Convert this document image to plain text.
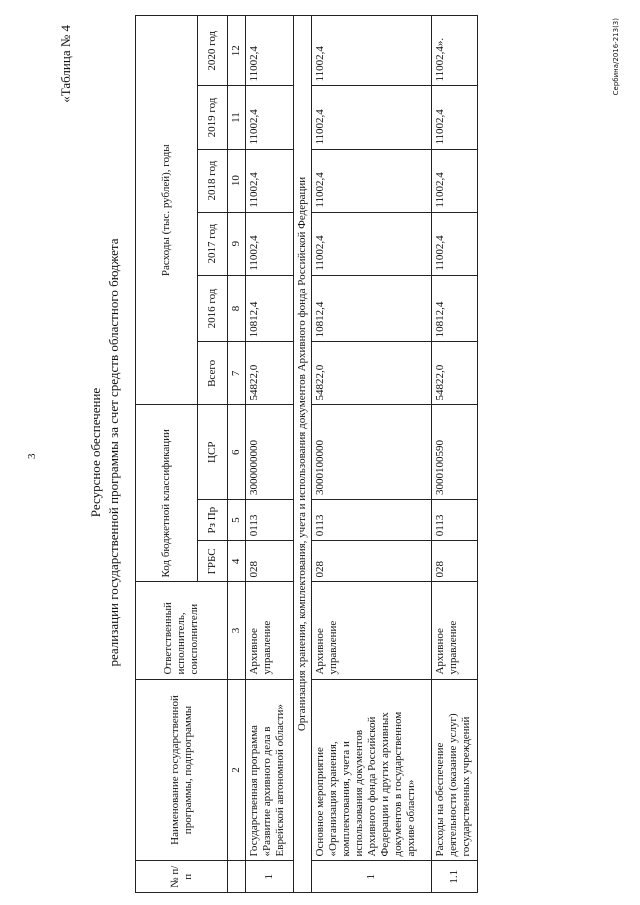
3
«Таблица № 4
Ресурсное обеспечение реализации государственной программы за счет средств областного бюджета
№ п/п	Наименование государственной программы, подпрограммы	Ответственный исполнитель, соисполнители	Код бюджетной классификации			Расходы (тыс. рублей), годы					
			ГРБС	Рз Пр	ЦСР	Всего	2016 год	2017 год	2018 год	2019 год	2020 год
	2	3	4	5	6	7	8	9	10	11	12
1	Государственная программа «Развитие архивного дела в Еврейской автономной области»	Архивное управление	028	0113	3000000000	54822,0	10812,4	11002,4	11002,4	11002,4	11002,4
Организация хранения, комплектования, учета и использования документов Архивного фонда Российской Федерации											
1	Основное мероприятие «Организация хранения, комплектования, учета и использования документов Архивного фонда Российской Федерации и других архивных документов в государственном архиве области»	Архивное управление	028	0113	3000100000	54822,0	10812,4	11002,4	11002,4	11002,4	11002,4
1.1	Расходы на обеспечение деятельности (оказание услуг) государственных учреждений	Архивное управление	028	0113	3000100590	54822,0	10812,4	11002,4	11002,4	11002,4	11002,4».	Сербина/2016-213(3)
